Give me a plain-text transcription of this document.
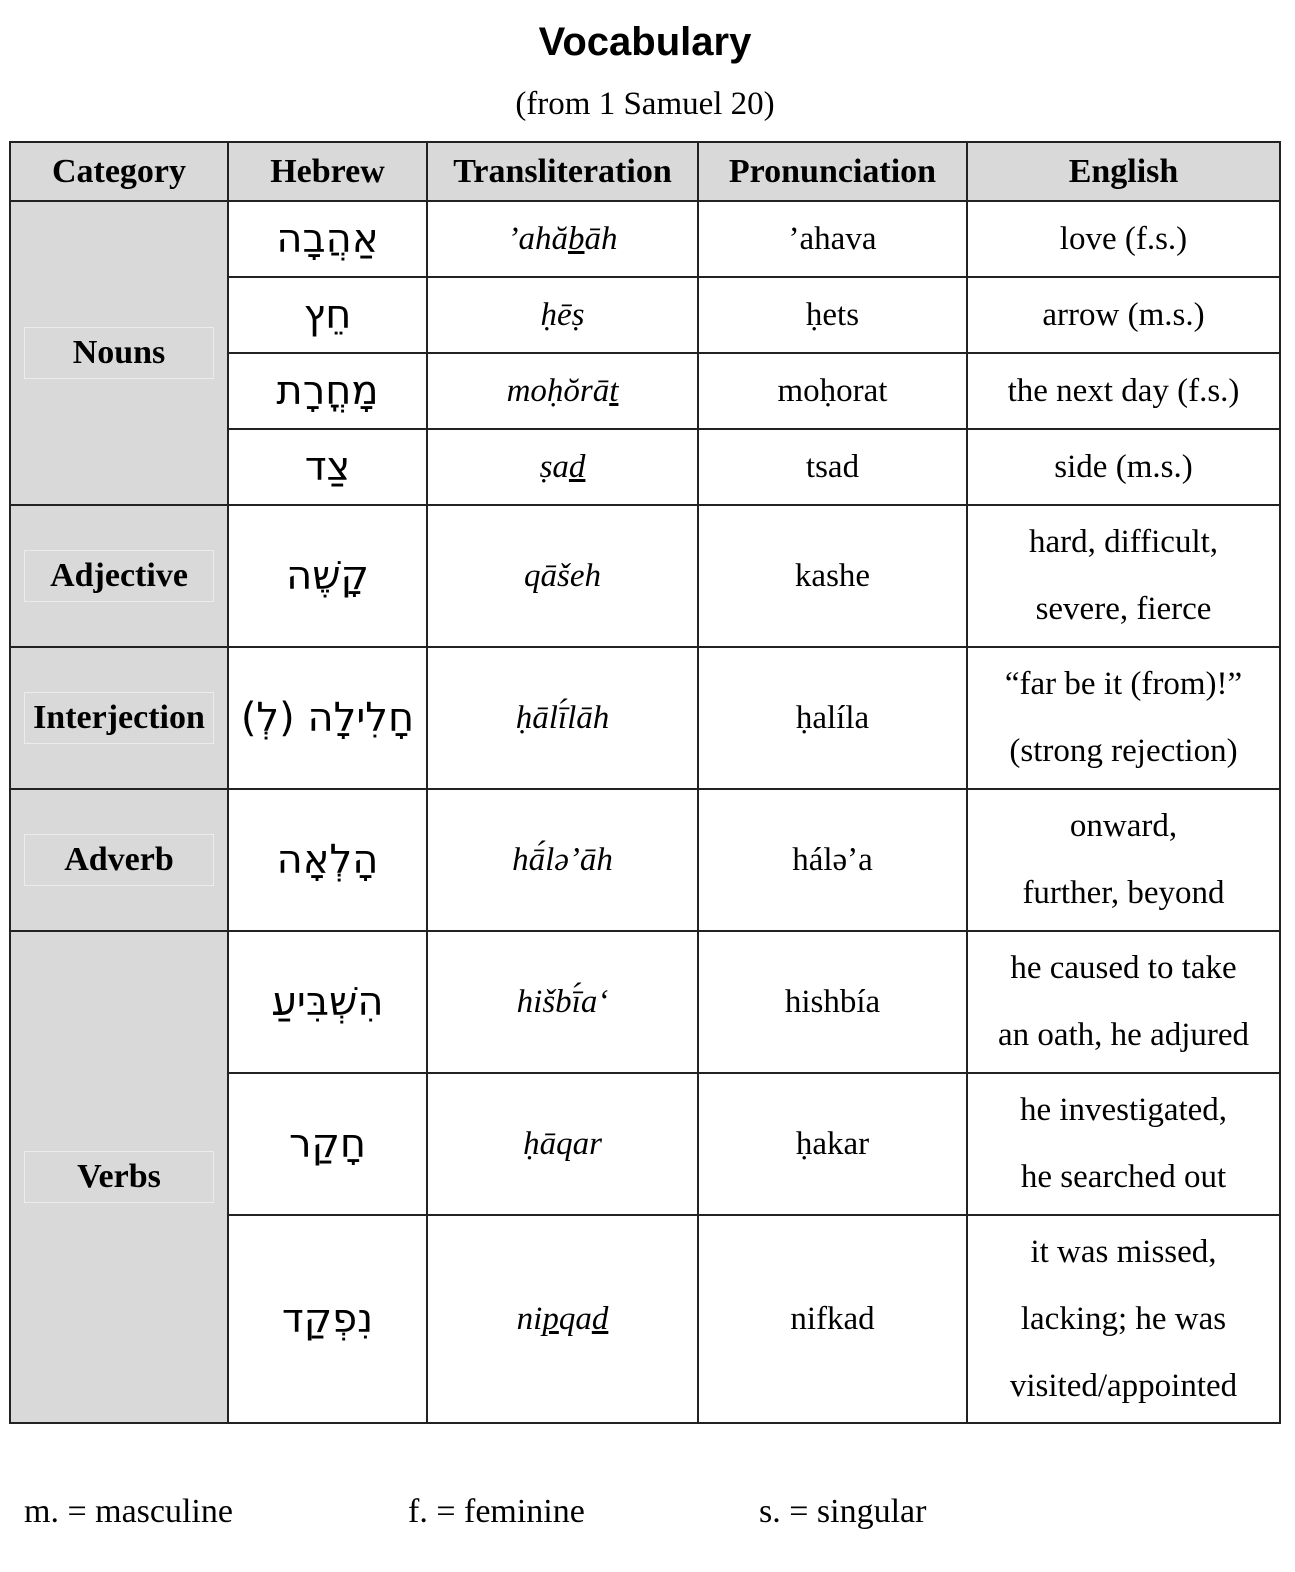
Vocabulary
(from 1 Samuel 20)
Category	Hebrew	Transliteration	Pronunciation	English
Nouns	אַהֲבָה	’ahăbāh	’ahava	love (f.s.)

	חֵץ	ḥēṣ	ḥets	arrow (m.s.)

	מָחֳרָת	moḥŏrāt	moḥorat	the next day (f.s.)

	צַד	ṣad	tsad	side (m.s.)

Adjective	קָשֶׁה	qāšeh	kashe	hard, difficult,
severe, fierce

Interjection	חָלִילָה (לְ)	ḥālī́lāh	ḥalíla	“far be it (from)!”
(strong rejection)

Adverb	הָלְאָה	hā́ləʼāh	háləʼa	onward,
further, beyond

Verbs	הִשְׁבִּיעַ	hišbī́aʻ	hishbía	he caused to take
an oath, he adjured

	חָקַר	ḥāqar	ḥakar	he investigated,
he searched out

	נִפְקַד	nipqad	nifkad	it was missed,
lacking; he was
visited/appointed
m. = masculine	f. = feminine	s. = singular
